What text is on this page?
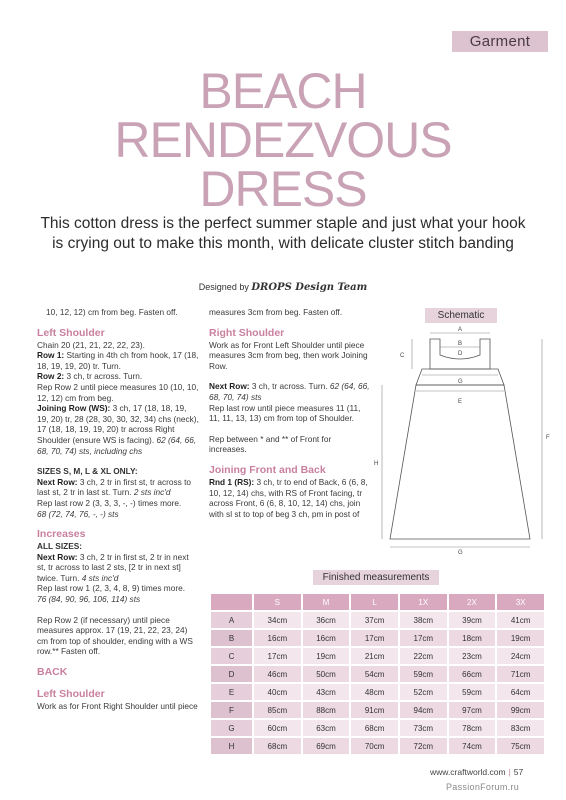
Garment
BEACH
RENDEZVOUS
DRESS
This cotton dress is the perfect summer staple and just what your hook is crying out to make this month, with delicate cluster stitch banding
Designed by DROPS Design Team

10, 12, 12) cm from beg. Fasten off.

Left Shoulder

Chain 20 (21, 21, 22, 22, 23).

Row 1: Starting in 4th ch from hook, 17 (18, 18, 19, 19, 20) tr. Turn.

Row 2: 3 ch, tr across. Turn.

Rep Row 2 until piece measures 10 (10, 10, 12, 12) cm from beg.

Joining Row (WS): 3 ch, 17 (18, 18, 19, 19, 20) tr, 28 (28, 30, 30, 32, 34) chs (neck), 17 (18, 18, 19, 19, 20) tr across Right Shoulder (ensure WS is facing). 62 (64, 66, 68, 70, 74) sts, including chs

SIZES S, M, L & XL ONLY:

Next Row: 3 ch, 2 tr in first st, tr across to last st, 2 tr in last st. Turn. 2 sts inc'd

Rep last row 2 (3, 3, 3, -, -) times more.

68 (72, 74, 76, -, -) sts

Increases
ALL SIZES:

Next Row: 3 ch, 2 tr in first st, 2 tr in next st, tr across to last 2 sts, [2 tr in next st] twice. Turn. 4 sts inc'd

Rep last row 1 (2, 3, 4, 8, 9) times more.

76 (84, 90, 96, 106, 114) sts

Rep Row 2 (if necessary) until piece measures approx. 17 (19, 21, 22, 23, 24) cm from top of shoulder, ending with a WS row.** Fasten off.

BACK
Left Shoulder

Work as for Front Right Shoulder until piece

measures 3cm from beg. Fasten off.

Right Shoulder

Work as for Front Left Shoulder until piece measures 3cm from beg, then work Joining Row.

Next Row: 3 ch, tr across. Turn. 62 (64, 66, 68, 70, 74) sts

Rep last row until piece measures 11 (11, 11, 11, 13, 13) cm from top of Shoulder.

Rep between * and ** of Front for increases.

Joining Front and Back

Rnd 1 (RS): 3 ch, tr to end of Back, 6 (6, 8, 10, 12, 14) chs, with RS of Front facing, tr across Front, 6 (6, 8, 10, 12, 14) chs, join with sl st to top of beg 3 ch, pm in post of

Schematic
A
B
C
G
E
F
H
G
D
Finished measurements
	S	M	L	1X	2X	3X
A	34cm	36cm	37cm	38cm	39cm	41cm
B	16cm	16cm	17cm	17cm	18cm	19cm
C	17cm	19cm	21cm	22cm	23cm	24cm
D	46cm	50cm	54cm	59cm	66cm	71cm
E	40cm	43cm	48cm	52cm	59cm	64cm
F	85cm	88cm	91cm	94cm	97cm	99cm
G	60cm	63cm	68cm	73cm	78cm	83cm
H	68cm	69cm	70cm	72cm	74cm	75cm
www.craftworld.com | 57
PassionForum.ru
